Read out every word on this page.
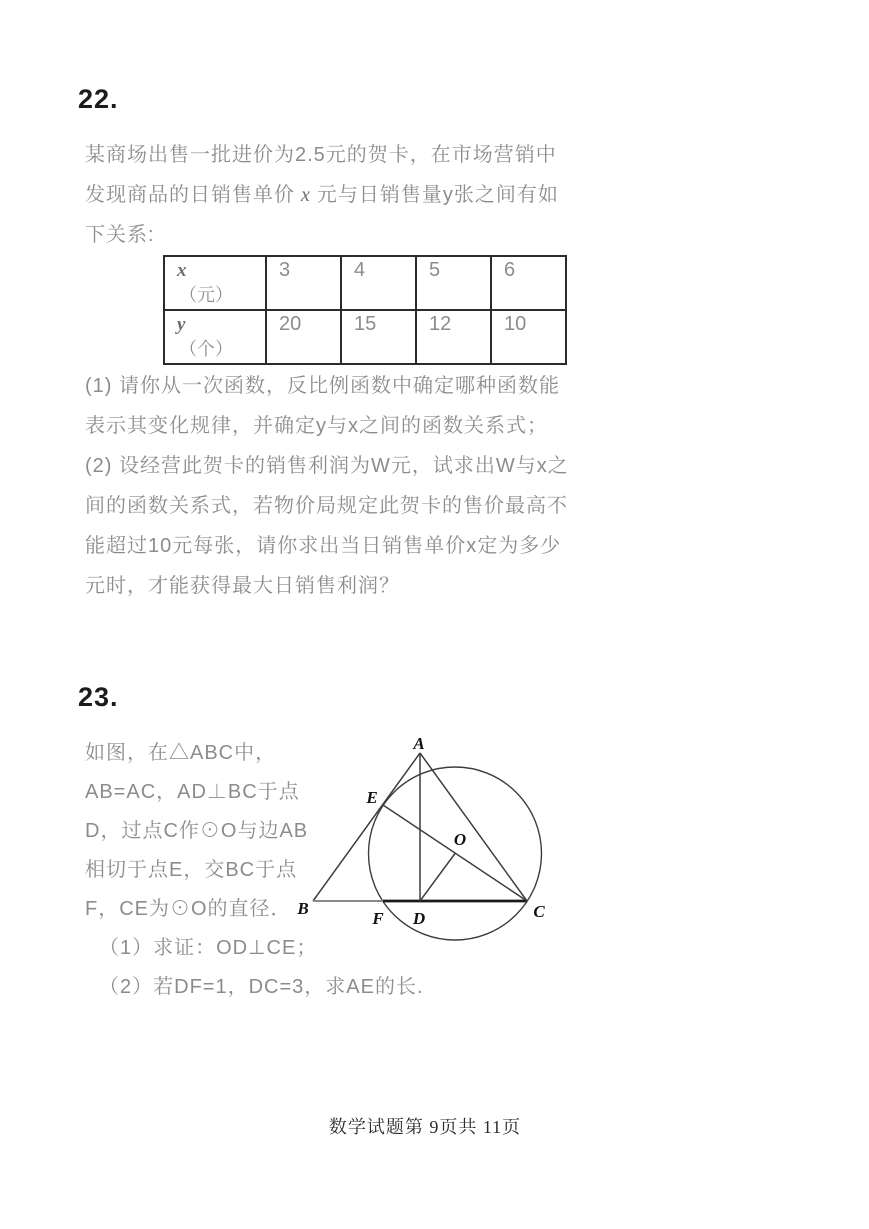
22.
某商场出售一批进价为2.5元的贺卡，在市场营销中
发现商品的日销售单价 x 元与日销售量y张之间有如
下关系:
x
（元）	3	4	5	6

y
（个）	20	15	12	10
(1) 请你从一次函数，反比例函数中确定哪种函数能
表示其变化规律，并确定y与x之间的函数关系式；
(2) 设经营此贺卡的销售利润为W元，试求出W与x之
间的函数关系式，若物价局规定此贺卡的售价最高不
能超过10元每张，请你求出当日销售单价x定为多少
元时，才能获得最大日销售利润？
23.
如图，在△ABC中，
AB=AC，AD⊥BC于点
D，过点C作⊙O与边AB
相切于点E，交BC于点
F，CE为⊙O的直径．
（1）求证：OD⊥CE；
（2）若DF=1，DC=3，求AE的长.
A
E
O
B
F D	C
数学试题第 9页共 11页
